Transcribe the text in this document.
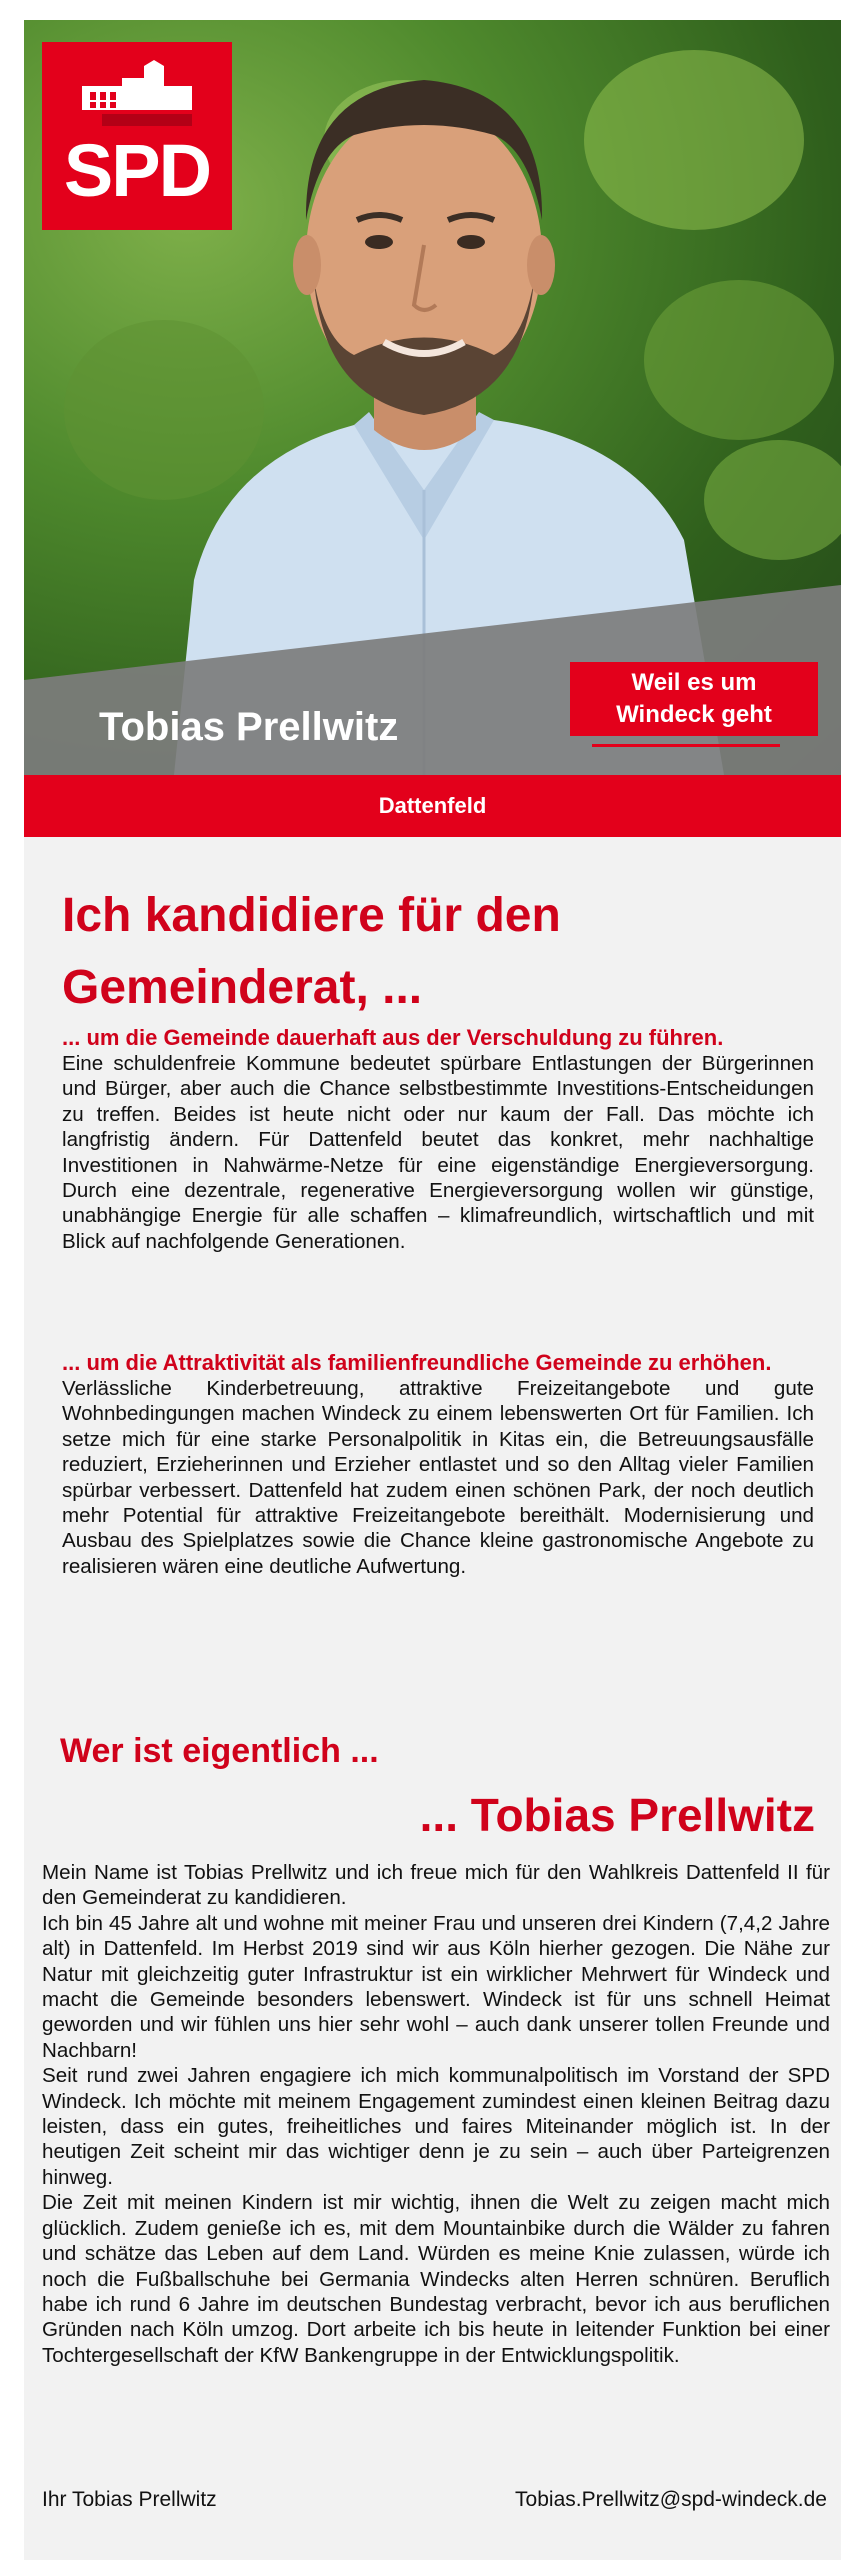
SPD
Tobias Prellwitz
Weil es um
Windeck geht
Dattenfeld
Ich kandidiere für den
Gemeinderat, ...
... um die Gemeinde dauerhaft aus der Verschuldung zu führen.
Eine schuldenfreie Kommune bedeutet spürbare Entlastungen der Bürgerinnen und Bürger, aber auch die Chance selbstbestimmte Investitions-Entscheidungen zu treffen. Beides ist heute nicht oder nur kaum der Fall. Das möchte ich langfristig ändern. Für Dattenfeld beutet das konkret, mehr nachhaltige Investitionen in Nahwärme-Netze für eine eigenständige Energieversorgung. Durch eine dezentrale, regenerative Energieversorgung wollen wir günstige, unabhängige Energie für alle schaffen – klimafreundlich, wirtschaftlich und mit Blick auf nachfolgende Generationen.
... um die Attraktivität als familienfreundliche Gemeinde zu erhöhen.
Verlässliche Kinderbetreuung, attraktive Freizeitangebote und gute Wohnbedingungen machen Windeck zu einem lebenswerten Ort für Familien. Ich setze mich für eine starke Personalpolitik in Kitas ein, die Betreuungsausfälle reduziert, Erzieherinnen und Erzieher entlastet und so den Alltag vieler Familien spürbar verbessert. Dattenfeld hat zudem einen schönen Park, der noch deutlich mehr Potential für attraktive Freizeitangebote bereithält. Modernisierung und Ausbau des Spielplatzes sowie die Chance kleine gastronomische Angebote zu realisieren wären eine deutliche Aufwertung.
Wer ist eigentlich ...
... Tobias Prellwitz
Mein Name ist Tobias Prellwitz und ich freue mich für den Wahlkreis Dattenfeld II für den Gemeinderat zu kandidieren.
Ich bin 45 Jahre alt und wohne mit meiner Frau und unseren drei Kindern (7,4,2 Jahre alt) in Dattenfeld. Im Herbst 2019 sind wir aus Köln hierher gezogen. Die Nähe zur Natur mit gleichzeitig guter Infrastruktur ist ein wirklicher Mehrwert für Windeck und macht die Gemeinde besonders lebenswert. Windeck ist für uns schnell Heimat geworden und wir fühlen uns hier sehr wohl – auch dank unserer tollen Freunde und Nachbarn!
Seit rund zwei Jahren engagiere ich mich kommunalpolitisch im Vorstand der SPD Windeck. Ich möchte mit meinem Engagement zumindest einen kleinen Beitrag dazu leisten, dass ein gutes, freiheitliches und faires Miteinander möglich ist. In der heutigen Zeit scheint mir das wichtiger denn je zu sein – auch über Parteigrenzen hinweg.
Die Zeit mit meinen Kindern ist mir wichtig, ihnen die Welt zu zeigen macht mich glücklich. Zudem genieße ich es, mit dem Mountainbike durch die Wälder zu fahren und schätze das Leben auf dem Land. Würden es meine Knie zulassen, würde ich noch die Fußballschuhe bei Germania Windecks alten Herren schnüren. Beruflich habe ich rund 6 Jahre im deutschen Bundestag verbracht, bevor ich aus beruflichen Gründen nach Köln umzog. Dort arbeite ich bis heute in leitender Funktion bei einer Tochtergesellschaft der KfW Bankengruppe in der Entwicklungspolitik.
Ihr Tobias Prellwitz	Tobias.Prellwitz@spd-windeck.de
